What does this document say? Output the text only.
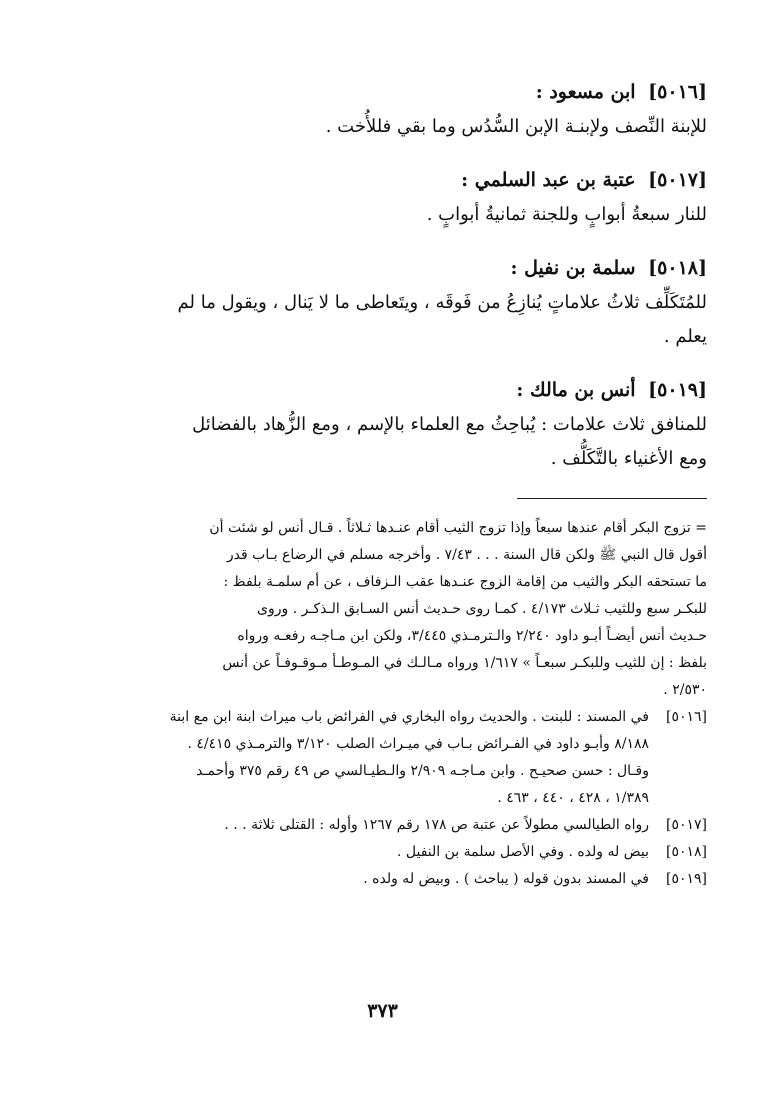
[٥٠١٦] ابن مسعود :
للإبنة النِّصف ولإبنـة الإبن السُّدُس وما بقي فللأُخت .
[٥٠١٧] عتبة بن عبد السلمي :
للنار سبعةُ أبوابٍ وللجنة ثمانيةُ أبوابٍ .
[٥٠١٨] سلمة بن نفيل :
للمُتَكَلِّف ثلاثُ علاماتٍ يُنازِعُ من فَوقَه ، ويتَعاطى ما لا يَنال ، ويقول ما لم
يعلم .
[٥٠١٩] أنس بن مالك :
للمنافق ثلاث علامات : يُباحِثُ مع العلماء بالإسم ، ومع الزُّهاد بالفضائل
ومع الأغنياء بالتَّكَلُّف .
= تزوج البكر أقام عندها سبعاً وإذا تزوج الثيب أقام عنـدها ثـلاثاً . قـال أنس لو شئت أن
أقول قال النبي ﷺ ولكن قال السنة . . . ٧/٤٣ . وأخرجه مسلم في الرضاع بـاب قدر
ما تستحقه البكر والثيب من إقامة الزوج عنـدها عقب الـزفاف ، عن أم سلمـة بلفظ :
للبكـر سبع وللثيب ثـلاث ٤/١٧٣ . كمـا روى حـديث أنس السـابق الـذكـر . وروى
حـديث أنس أيضـاً أبـو داود ٢/٢٤٠ والـترمـذي ٣/٤٤٥، ولكن ابن مـاجـه رفعـه ورواه
بلفظ : إن للثيب وللبكـر سبعـاً » ١/٦١٧ ورواه مـالـك في المـوطـأ مـوقـوفـاً عن أنس
٢/٥٣٠ .
[٥٠١٦]
في المسند : للبنت . والحديث رواه البخاري في الفرائض باب ميراث ابنة ابن مع ابنة
٨/١٨٨ وأبـو داود في الفـرائض بـاب في ميـراث الصلب ٣/١٢٠ والترمـذي ٤/٤١٥ .
وقـال : حسن صحيـح . وابن مـاجـه ٢/٩٠٩ والـطيـالسي ص ٤٩ رقم ٣٧٥ وأحمـد
١/٣٨٩ ، ٤٢٨ ، ٤٤٠ ، ٤٦٣ .
[٥٠١٧]
رواه الطيالسي مطولاً عن عتبة ص ١٧٨ رقم ١٢٦٧ وأوله : القتلى ثلاثة . . .
[٥٠١٨]
بيض له ولده . وفي الأصل سلمة بن النفيل .
[٥٠١٩]
في المسند بدون قوله ( يباحث ) . وبيض له ولده .
٣٧٣
